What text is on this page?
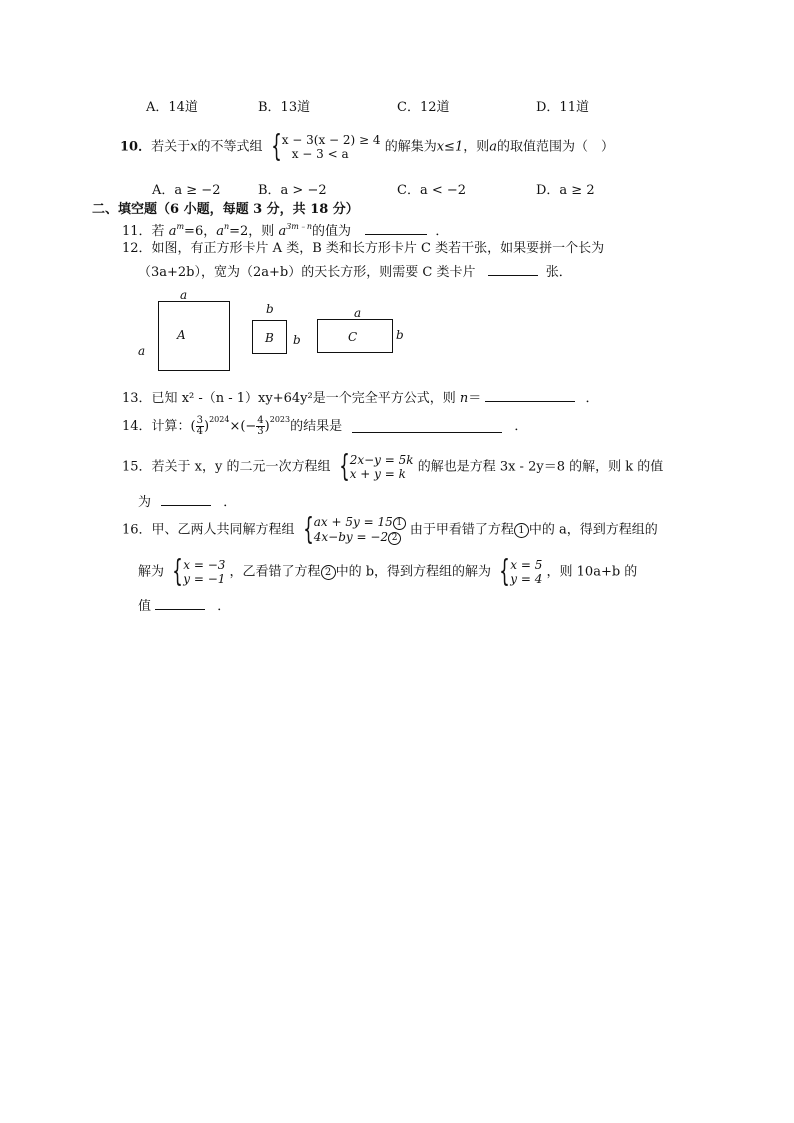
A．14道	B．13道	C．12道	D．11道
10．若关于x的不等式组 {x − 3(x − 2) ≥ 4
x − 3 < a	的解集为x≤1，则a的取值范围为（　）
A．a ≥ −2	B．a > −2	C．a < −2	D．a ≥ 2
二、填空题（6 小题，每题 3 分，共 18 分）
11．若 $a^m=6$，$a^n=2$，则 $a^{3m﹣n}$的值为	．
12．如图，有正方形卡片 A 类，B 类和长方形卡片 C 类若干张，如果要拼一个长为
（3a+2b），宽为（2a+b）的天长方形，则需要 C 类卡片	张．
a
A
a
b
B b
a
C	b
13．已知 x² -（n - 1）xy+64y²是一个完全平方公式，则 n＝	．
14．计算：( $\frac{3}{4} )^{2024}\times(- \frac{4}{3} )^{2023}$的结果是	．
15．若关于 x，y 的二元一次方程组 {2x−y = 5k
x + y = k 的解也是方程 3x - 2y＝8 的解，则 k 的值
为	．
16．甲、乙两人共同解方程组 {ax + 5y = 15 1
4x−by = −2 2 由于甲看错了方程 1 中的 a，得到方程组的
解为 {x = −3
y = −1 ，乙看错了方程 2 中的 b，得到方程组的解为 {x = 5
y = 4 ，则 10a+b 的
值	．
